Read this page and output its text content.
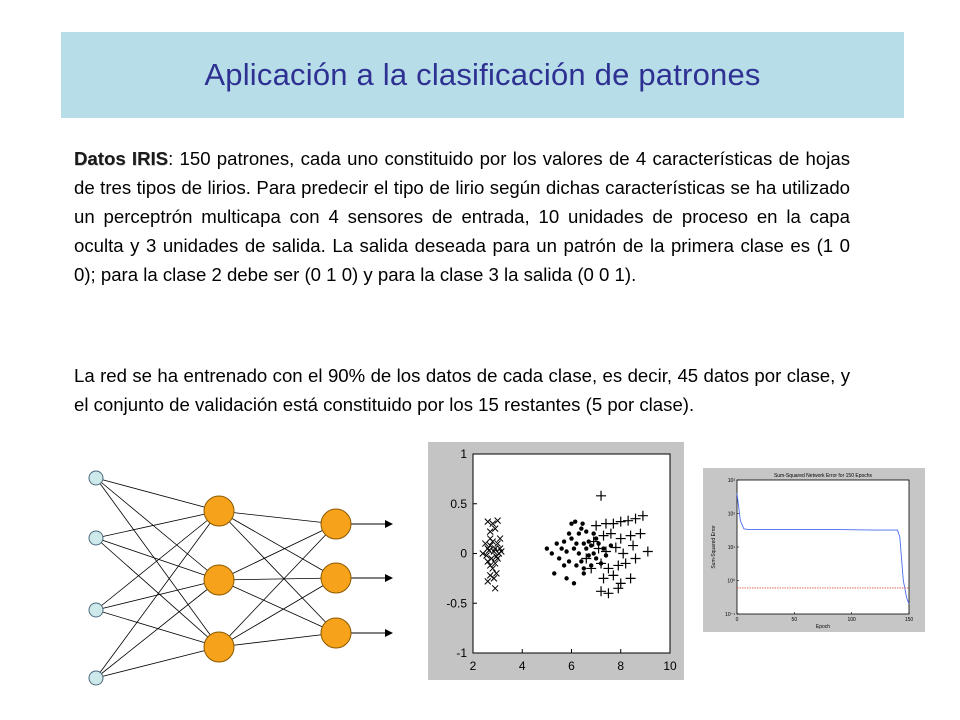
Aplicación a la clasificación de patrones
Datos IRIS: 150 patrones, cada uno constituido por los valores de 4 características de hojas de tres tipos de lirios. Para predecir el tipo de lirio según dichas características se ha utilizado un perceptrón multicapa con 4 sensores de entrada, 10 unidades de proceso en la capa oculta y 3 unidades de salida. La salida deseada para un patrón de la primera clase es (1 0 0); para la clase 2 debe ser (0 1 0) y para la clase 3 la salida (0 0 1).
La red se ha entrenado con el 90% de los datos de cada clase, es decir, 45 datos por clase, y el conjunto de validación está constituido por los 15 restantes (5 por clase).
2	4	6	8	10
1
0.5
0
-0.5
-1
Sum-Squared Network Error for 150 Epochs
Epoch
Sum-Squared Error
0	50	100	150
10³
10²
10¹
10⁰
10⁻¹
